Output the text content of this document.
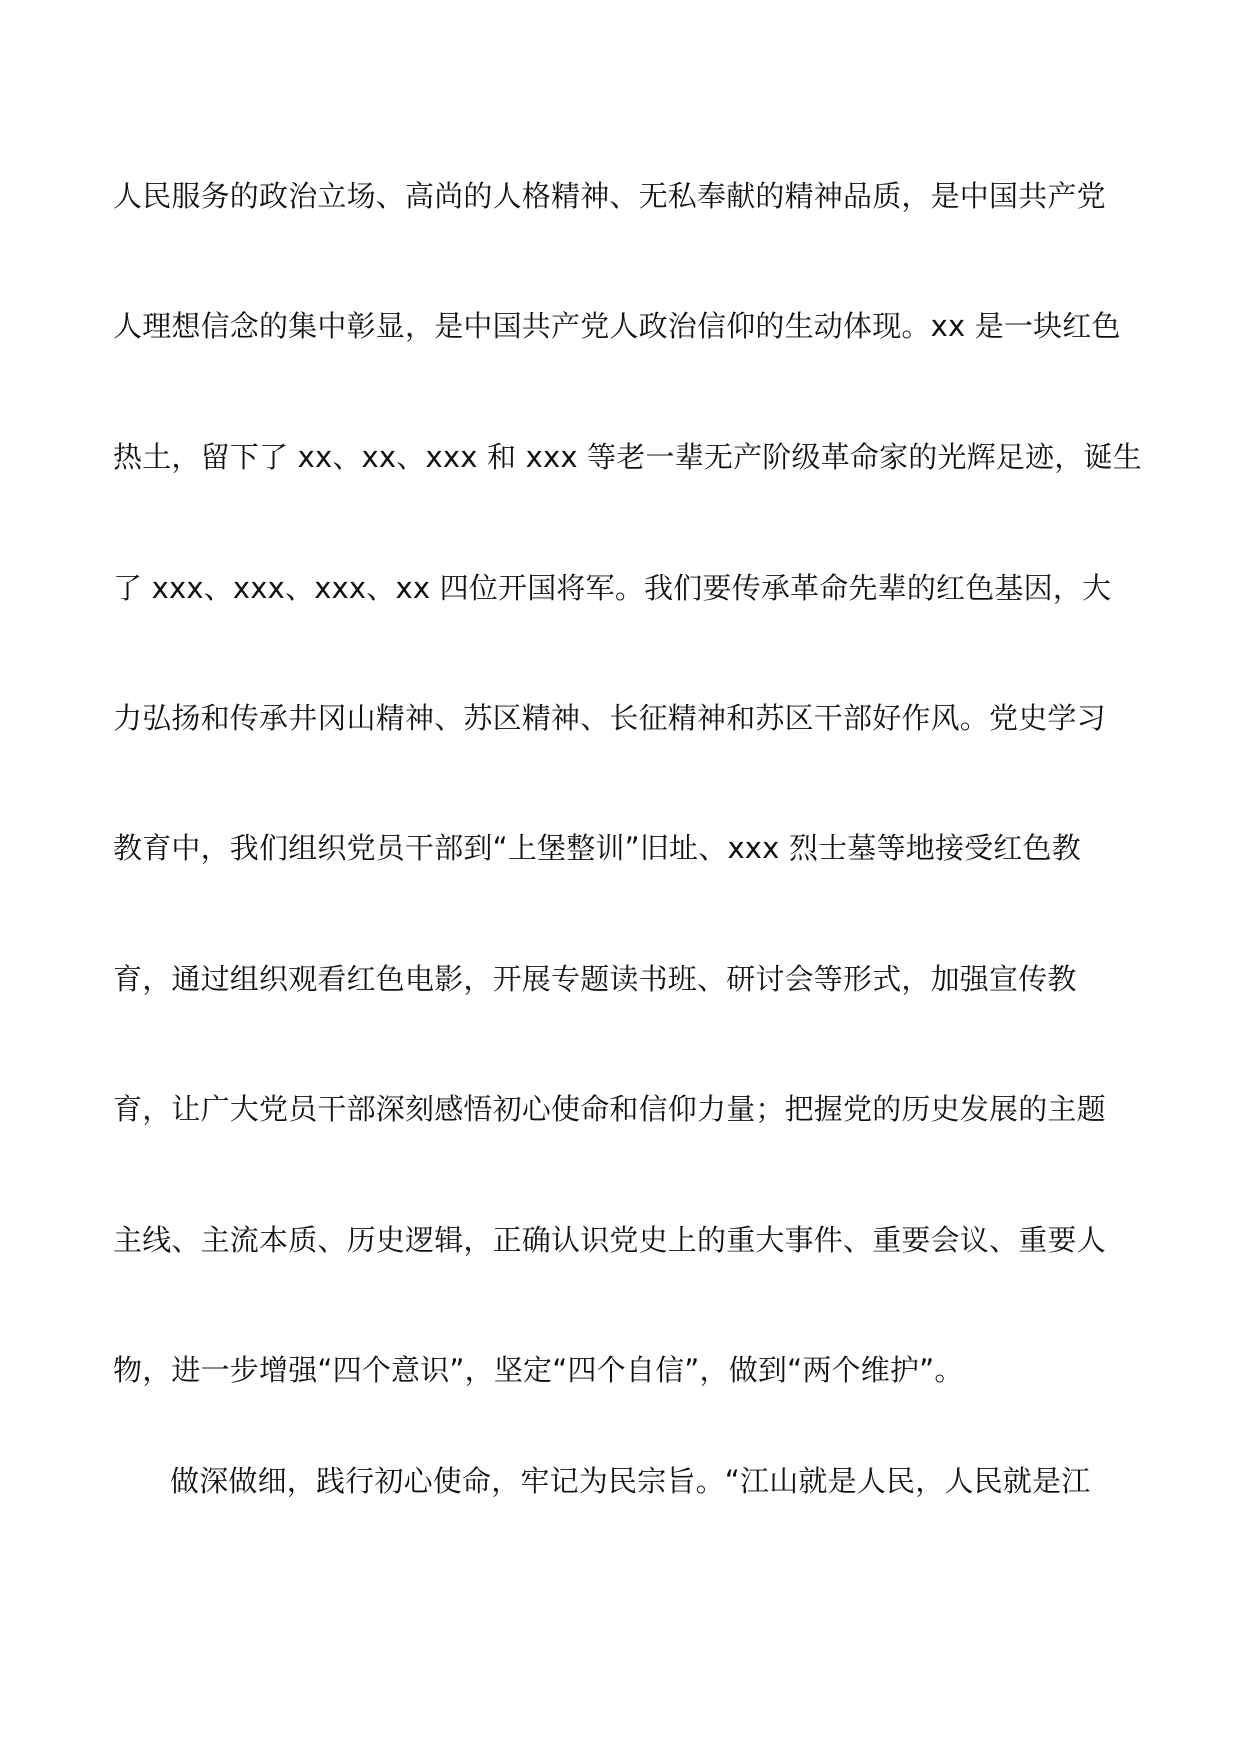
人民服务的政治立场、高尚的人格精神、无私奉献的精神品质，是中国共产党
人理想信念的集中彰显，是中国共产党人政治信仰的生动体现。xx 是一块红色
热土，留下了 xx、xx、xxx 和 xxx 等老一辈无产阶级革命家的光辉足迹，诞生
了 xxx、xxx、xxx、xx 四位开国将军。我们要传承革命先辈的红色基因，大
力弘扬和传承井冈山精神、苏区精神、长征精神和苏区干部好作风。党史学习
教育中，我们组织党员干部到“上堡整训”旧址、xxx 烈士墓等地接受红色教
育，通过组织观看红色电影，开展专题读书班、研讨会等形式，加强宣传教
育，让广大党员干部深刻感悟初心使命和信仰力量；把握党的历史发展的主题
主线、主流本质、历史逻辑，正确认识党史上的重大事件、重要会议、重要人
物，进一步增强“四个意识”，坚定“四个自信”，做到“两个维护”。
做深做细，践行初心使命，牢记为民宗旨。“江山就是人民，人民就是江
